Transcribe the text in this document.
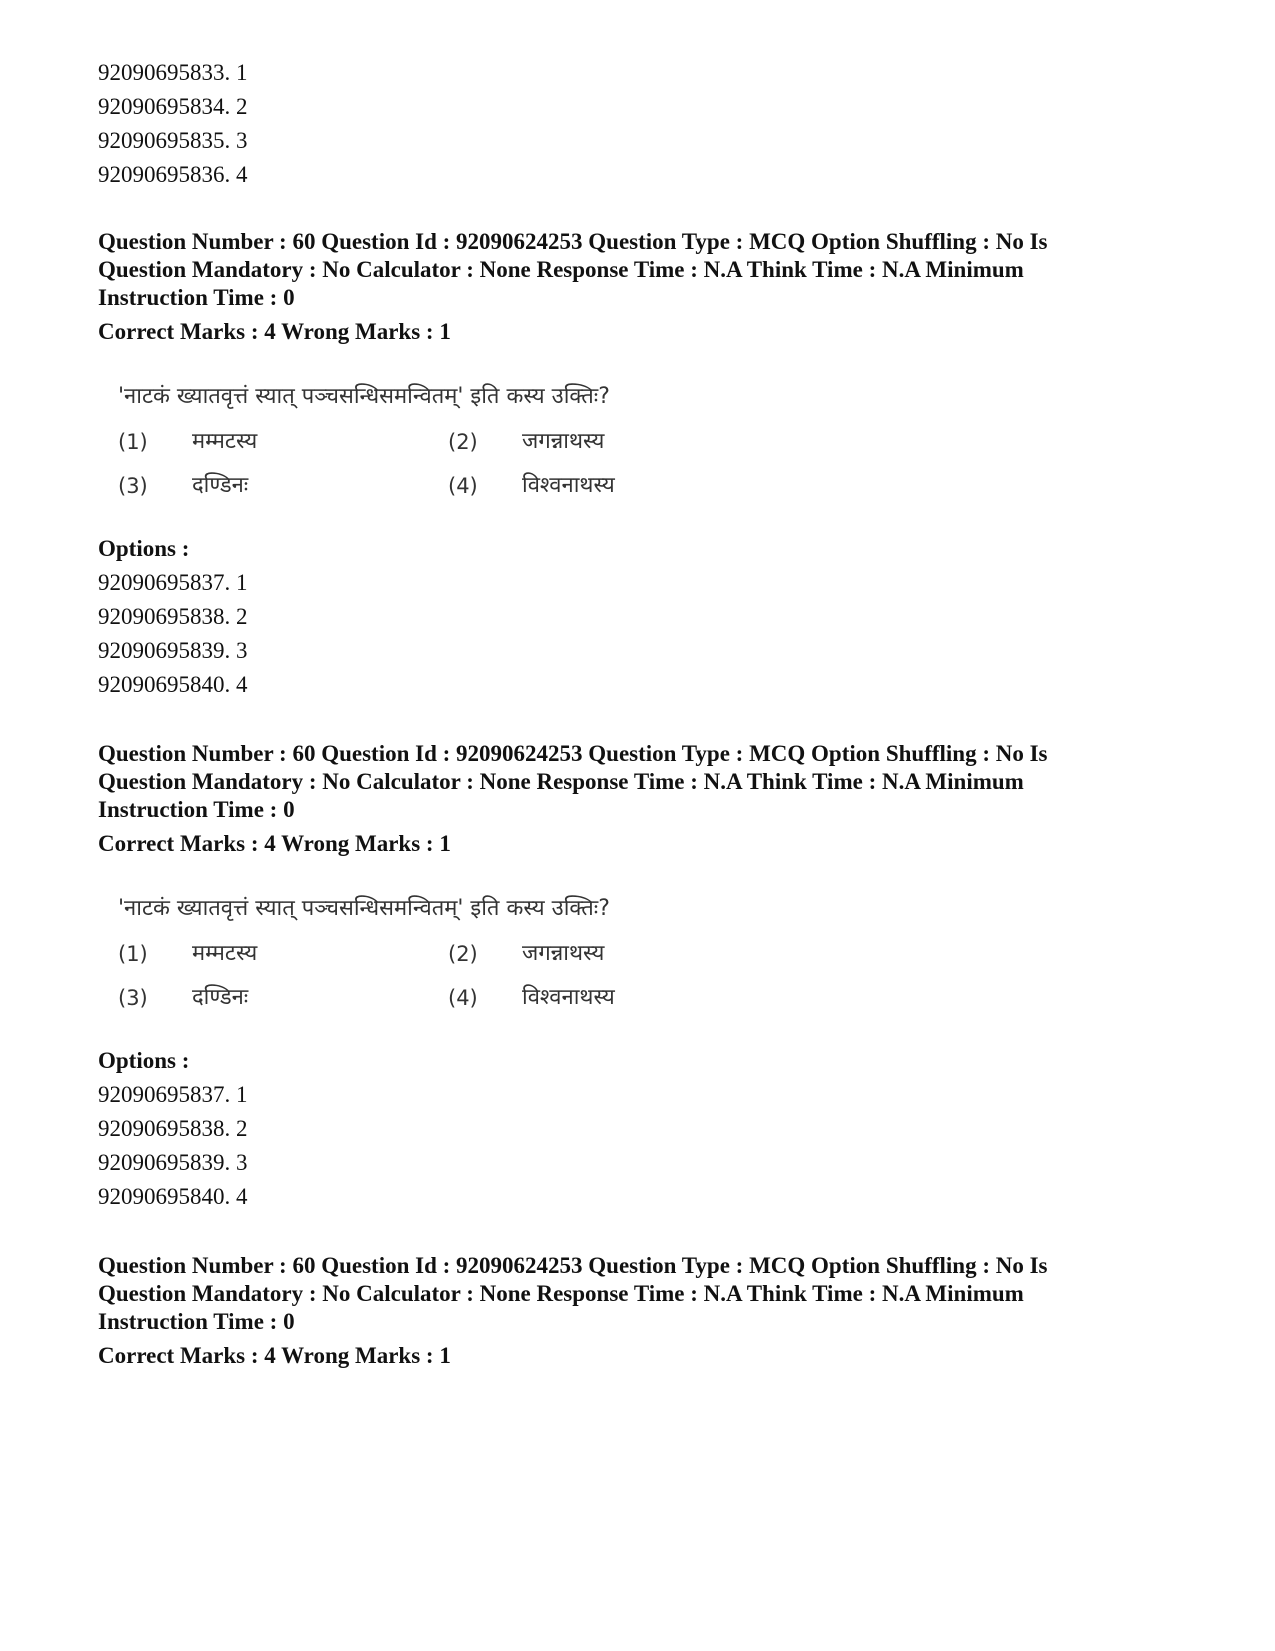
92090695833. 1
92090695834. 2
92090695835. 3
92090695836. 4
Question Number : 60 Question Id : 92090624253 Question Type : MCQ Option Shuffling : No Is Question Mandatory : No Calculator : None Response Time : N.A Think Time : N.A Minimum Instruction Time : 0
Correct Marks : 4 Wrong Marks : 1
'नाटकं ख्यातवृत्तं स्यात् पञ्चसन्धिसमन्वितम्' इति कस्य उक्तिः?
(1)	मम्मटस्य	(2)	जगन्नाथस्य
(3)	दण्डिनः	(4)	विश्वनाथस्य
Options :
92090695837. 1
92090695838. 2
92090695839. 3
92090695840. 4
Question Number : 60 Question Id : 92090624253 Question Type : MCQ Option Shuffling : No Is Question Mandatory : No Calculator : None Response Time : N.A Think Time : N.A Minimum Instruction Time : 0
Correct Marks : 4 Wrong Marks : 1
'नाटकं ख्यातवृत्तं स्यात् पञ्चसन्धिसमन्वितम्' इति कस्य उक्तिः?
(1)	मम्मटस्य	(2)	जगन्नाथस्य
(3)	दण्डिनः	(4)	विश्वनाथस्य
Options :
92090695837. 1
92090695838. 2
92090695839. 3
92090695840. 4
Question Number : 60 Question Id : 92090624253 Question Type : MCQ Option Shuffling : No Is Question Mandatory : No Calculator : None Response Time : N.A Think Time : N.A Minimum Instruction Time : 0
Correct Marks : 4 Wrong Marks : 1
